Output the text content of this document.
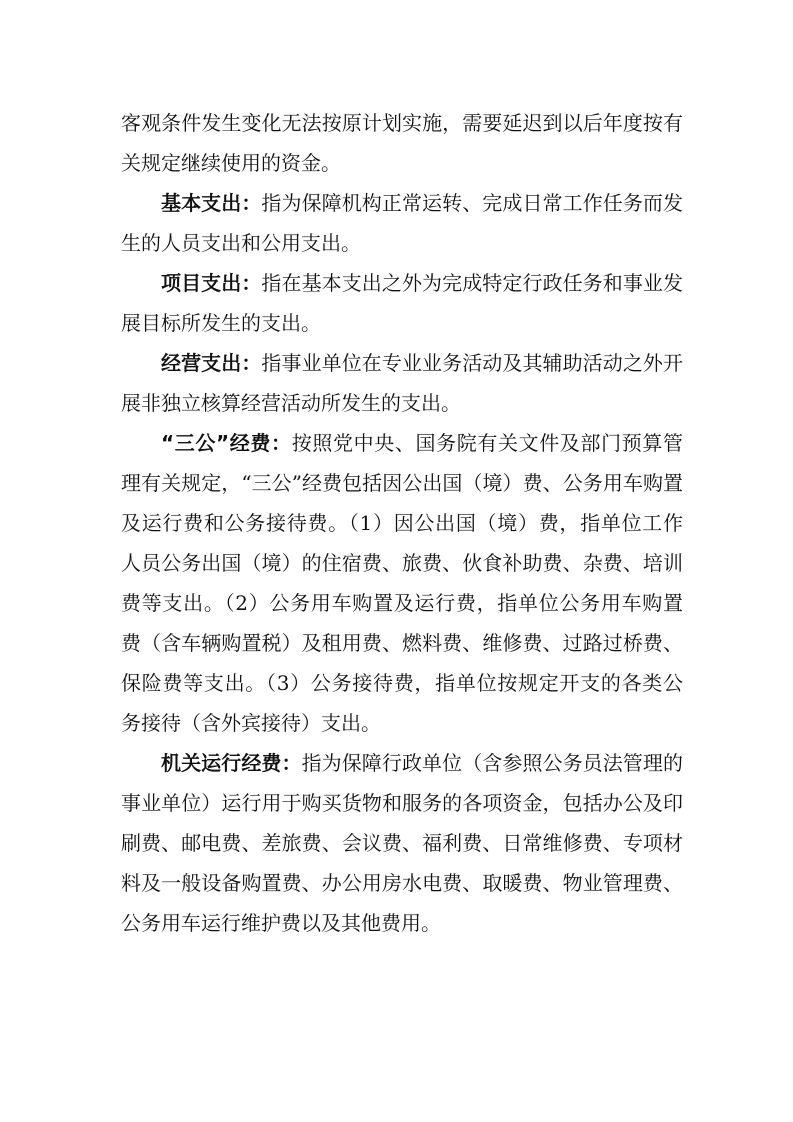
客观条件发生变化无法按原计划实施，需要延迟到以后年度按有关规定继续使用的资金。

基本支出：指为保障机构正常运转、完成日常工作任务而发生的人员支出和公用支出。

项目支出：指在基本支出之外为完成特定行政任务和事业发展目标所发生的支出。

经营支出：指事业单位在专业业务活动及其辅助活动之外开展非独立核算经营活动所发生的支出。

“三公”经费：按照党中央、国务院有关文件及部门预算管理有关规定，“三公”经费包括因公出国（境）费、公务用车购置及运行费和公务接待费。（1）因公出国（境）费，指单位工作人员公务出国（境）的住宿费、旅费、伙食补助费、杂费、培训费等支出。（2）公务用车购置及运行费，指单位公务用车购置费（含车辆购置税）及租用费、燃料费、维修费、过路过桥费、保险费等支出。（3）公务接待费，指单位按规定开支的各类公务接待（含外宾接待）支出。

机关运行经费：指为保障行政单位（含参照公务员法管理的事业单位）运行用于购买货物和服务的各项资金，包括办公及印刷费、邮电费、差旅费、会议费、福利费、日常维修费、专项材料及一般设备购置费、办公用房水电费、取暖费、物业管理费、公务用车运行维护费以及其他费用。
